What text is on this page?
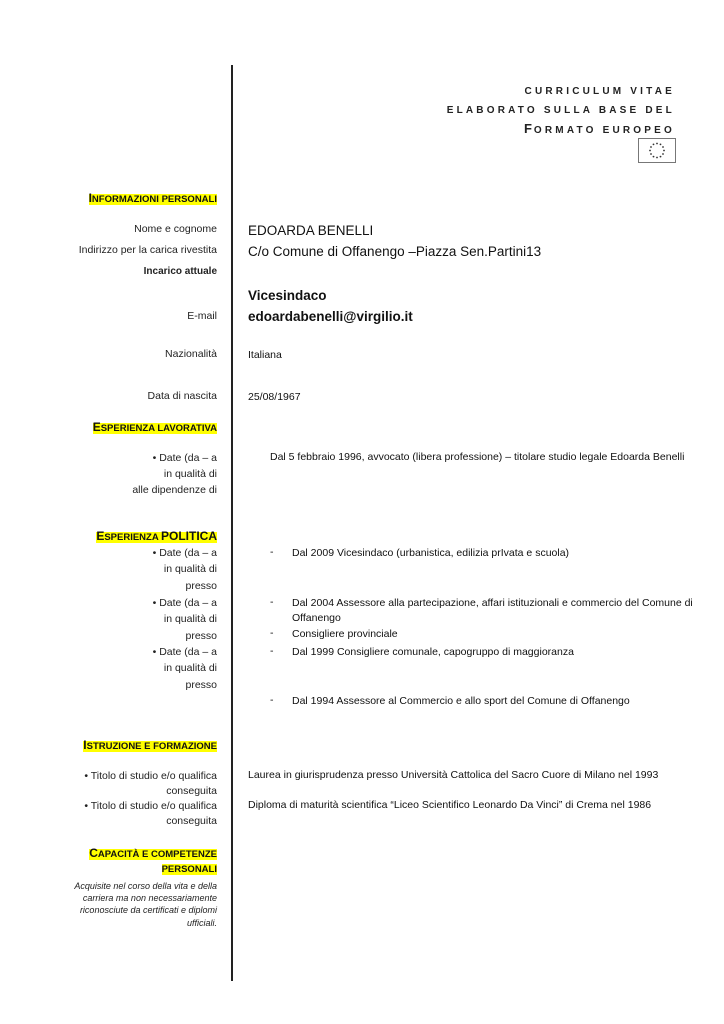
CURRICULUM VITAE
ELABORATO SULLA BASE DEL
FORMATO EUROPEO
INFORMAZIONI PERSONALI
Nome e cognome EDOARDA BENELLI
Indirizzo per la carica rivestita C/o Comune di Offanengo –Piazza Sen.Partini13
Incarico attuale
Vicesindaco
E-mail edoardabenelli@virgilio.it
Nazionalità	Italiana
Data di nascita	25/08/1967
ESPERIENZA LAVORATIVA
• Date (da – a
in qualità di
alle dipendenze di
Dal 5 febbraio 1996, avvocato (libera professione) – titolare studio legale Edoarda Benelli
ESPERIENZA POLITICA
• Date (da – a
in qualità di
presso
• Date (da – a
in qualità di
presso
• Date (da – a
in qualità di
presso
- Dal 2009 Vicesindaco (urbanistica, edilizia prIvata e scuola)
- Dal 2004 Assessore alla partecipazione, affari istituzionali e commercio del Comune di
Offanengo
- Consigliere provinciale
- Dal 1999 Consigliere comunale, capogruppo di maggioranza
- Dal 1994 Assessore al Commercio e allo sport del Comune di Offanengo
ISTRUZIONE E FORMAZIONE
• Titolo di studio e/o qualifica
conseguita
Laurea in giurisprudenza presso Università Cattolica del Sacro Cuore di Milano nel 1993
• Titolo di studio e/o qualifica
conseguita
Diploma di maturità scientifica “Liceo Scientifico Leonardo Da Vinci” di Crema nel 1986
CAPACITÀ E COMPETENZE
PERSONALI
Acquisite nel corso della vita e della
carriera ma non necessariamente
riconosciute da certificati e diplomi
ufficiali.
